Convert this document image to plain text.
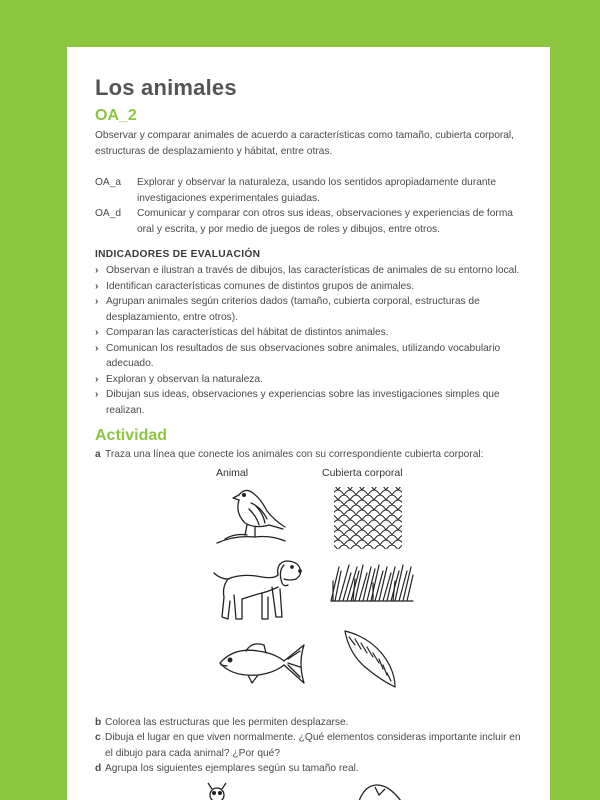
Los animales
OA_2
Observar y comparar animales de acuerdo a características como tamaño, cubierta corporal, estructuras de desplazamiento y hábitat, entre otras.
OA_a	Explorar y observar la naturaleza, usando los sentidos apropiadamente durante investigaciones experimentales guiadas.
OA_d	Comunicar y comparar con otros sus ideas, observaciones y experiencias de forma oral y escrita, y por medio de juegos de roles y dibujos, entre otros.
INDICADORES DE EVALUACIÓN
› Observan e ilustran a través de dibujos, las características de animales de su entorno local.
› Identifican características comunes de distintos grupos de animales.
› Agrupan animales según criterios dados (tamaño, cubierta corporal, estructuras de desplazamiento, entre otros).
› Comparan las características del hábitat de distintos animales.
› Comunican los resultados de sus observaciones sobre animales, utilizando vocabulario adecuado.
› Exploran y observan la naturaleza.
› Dibujan sus ideas, observaciones y experiencias sobre las investigaciones simples que realizan.
Actividad
a Traza una línea que conecte los animales con su correspondiente cubierta corporal:
Animal	Cubierta corporal
b Colorea las estructuras que les permiten desplazarse.
c Dibuja el lugar en que viven normalmente. ¿Qué elementos consideras importante incluir en el dibujo para cada animal? ¿Por qué?
d Agrupa los siguientes ejemplares según su tamaño real.
